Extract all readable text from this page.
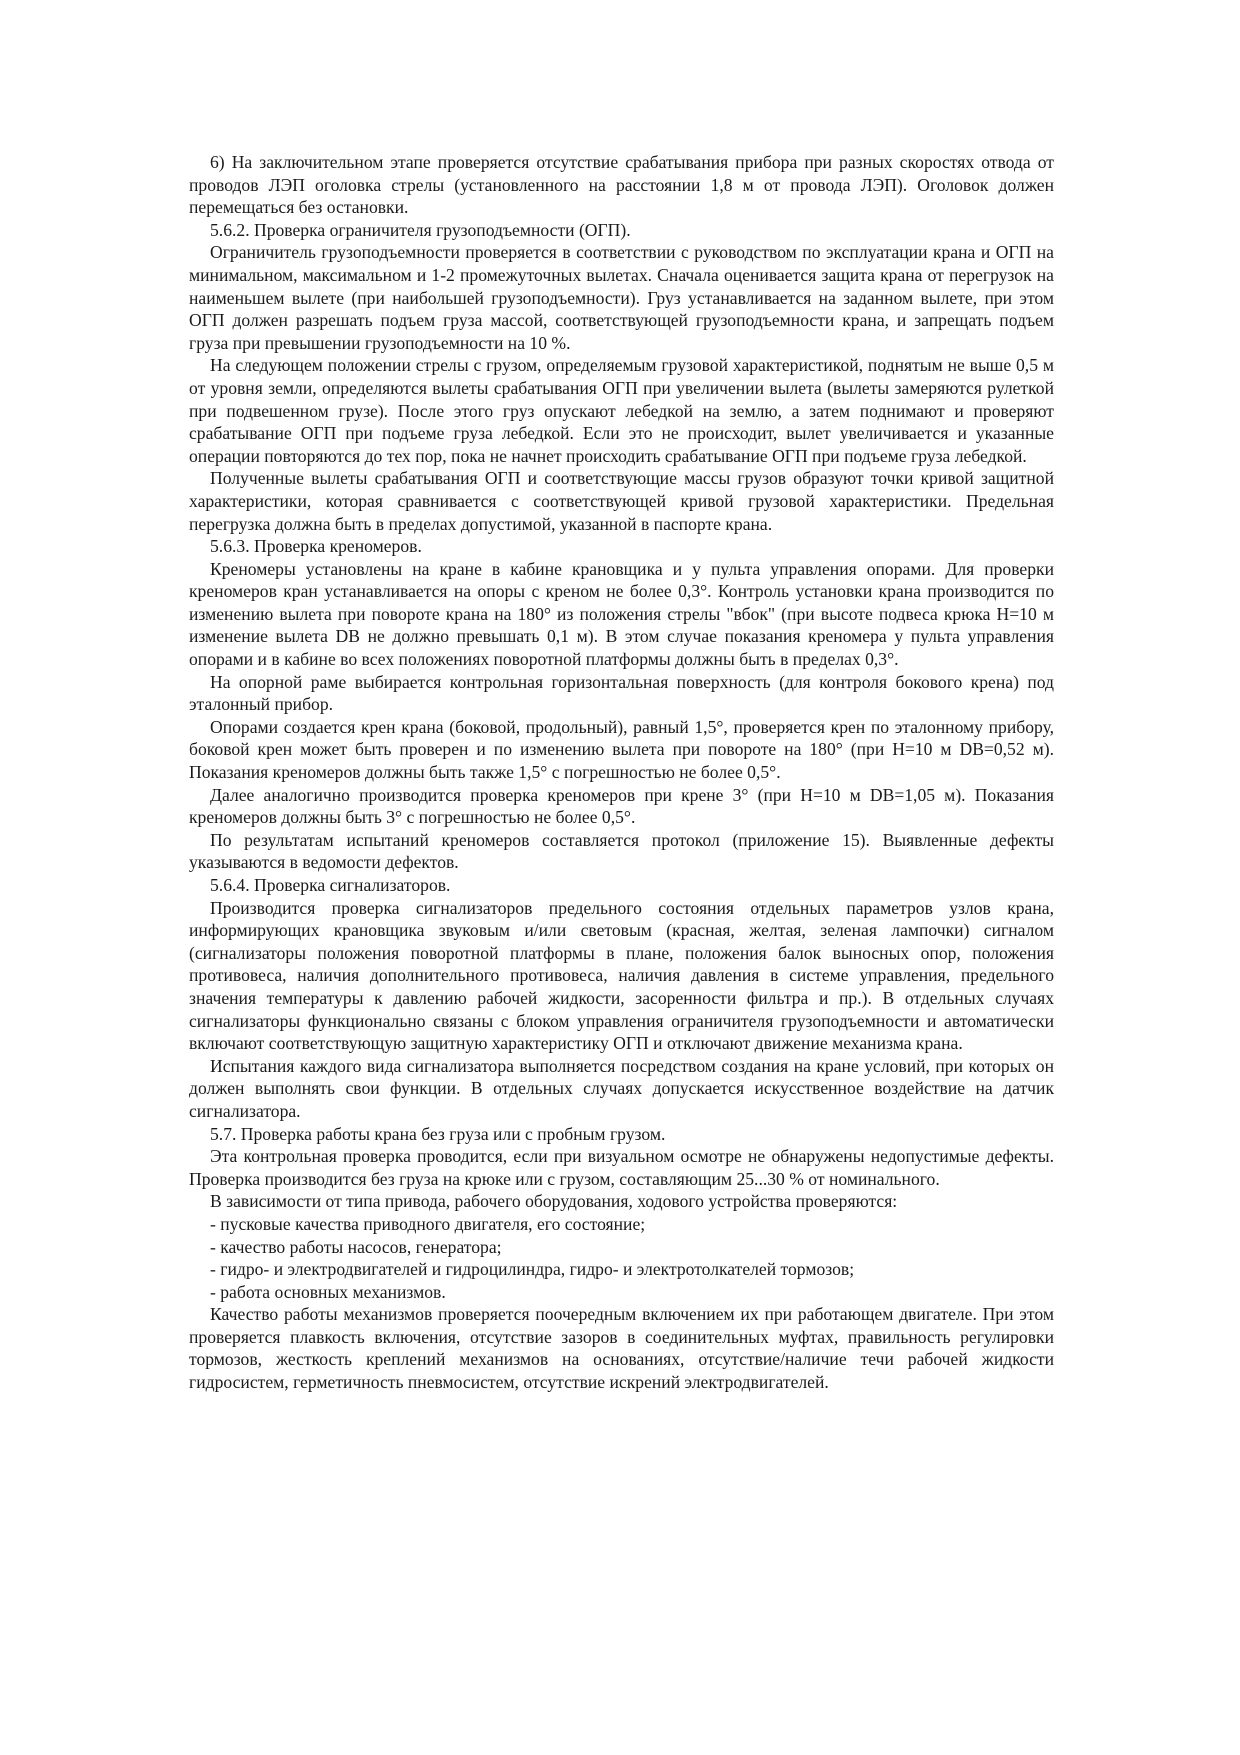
6) На заключительном этапе проверяется отсутствие срабатывания прибора при разных скоростях отвода от проводов ЛЭП оголовка стрелы (установленного на расстоянии 1,8 м от провода ЛЭП). Оголовок должен перемещаться без остановки.

5.6.2. Проверка ограничителя грузоподъемности (ОГП).

Ограничитель грузоподъемности проверяется в соответствии с руководством по эксплуатации крана и ОГП на минимальном, максимальном и 1-2 промежуточных вылетах. Сначала оценивается защита крана от перегрузок на наименьшем вылете (при наибольшей грузоподъемности). Груз устанавливается на заданном вылете, при этом ОГП должен разрешать подъем груза массой, соответствующей грузоподъемности крана, и запрещать подъем груза при превышении грузоподъемности на 10 %.

На следующем положении стрелы с грузом, определяемым грузовой характеристикой, поднятым не выше 0,5 м от уровня земли, определяются вылеты срабатывания ОГП при увеличении вылета (вылеты замеряются рулеткой при подвешенном грузе). После этого груз опускают лебедкой на землю, а затем поднимают и проверяют срабатывание ОГП при подъеме груза лебедкой. Если это не происходит, вылет увеличивается и указанные операции повторяются до тех пор, пока не начнет происходить срабатывание ОГП при подъеме груза лебедкой.

Полученные вылеты срабатывания ОГП и соответствующие массы грузов образуют точки кривой защитной характеристики, которая сравнивается с соответствующей кривой грузовой характеристики. Предельная перегрузка должна быть в пределах допустимой, указанной в паспорте крана.

5.6.3. Проверка креномеров.

Креномеры установлены на кране в кабине крановщика и у пульта управления опорами. Для проверки креномеров кран устанавливается на опоры с креном не более 0,3°. Контроль установки крана производится по изменению вылета при повороте крана на 180° из положения стрелы "вбок" (при высоте подвеса крюка Н=10 м изменение вылета DВ не должно превышать 0,1 м). В этом случае показания креномера у пульта управления опорами и в кабине во всех положениях поворотной платформы должны быть в пределах 0,3°.

На опорной раме выбирается контрольная горизонтальная поверхность (для контроля бокового крена) под эталонный прибор.

Опорами создается крен крана (боковой, продольный), равный 1,5°, проверяется крен по эталонному прибору, боковой крен может быть проверен и по изменению вылета при повороте на 180° (при Н=10 м DВ=0,52 м). Показания креномеров должны быть также 1,5° с погрешностью не более 0,5°.

Далее аналогично производится проверка креномеров при крене 3° (при Н=10 м DВ=1,05 м). Показания креномеров должны быть 3° с погрешностью не более 0,5°.

По результатам испытаний креномеров составляется протокол (приложение 15). Выявленные дефекты указываются в ведомости дефектов.

5.6.4. Проверка сигнализаторов.

Производится проверка сигнализаторов предельного состояния отдельных параметров узлов крана, информирующих крановщика звуковым и/или световым (красная, желтая, зеленая лампочки) сигналом (сигнализаторы положения поворотной платформы в плане, положения балок выносных опор, положения противовеса, наличия дополнительного противовеса, наличия давления в системе управления, предельного значения температуры к давлению рабочей жидкости, засоренности фильтра и пр.). В отдельных случаях сигнализаторы функционально связаны с блоком управления ограничителя грузоподъемности и автоматически включают соответствующую защитную характеристику ОГП и отключают движение механизма крана.

Испытания каждого вида сигнализатора выполняется посредством создания на кране условий, при которых он должен выполнять свои функции. В отдельных случаях допускается искусственное воздействие на датчик сигнализатора.

5.7. Проверка работы крана без груза или с пробным грузом.

Эта контрольная проверка проводится, если при визуальном осмотре не обнаружены недопустимые дефекты. Проверка производится без груза на крюке или с грузом, составляющим 25...30 % от номинального.

В зависимости от типа привода, рабочего оборудования, ходового устройства проверяются:

- пусковые качества приводного двигателя, его состояние;

- качество работы насосов, генератора;

- гидро- и электродвигателей и гидроцилиндра, гидро- и электротолкателей тормозов;

- работа основных механизмов.

Качество работы механизмов проверяется поочередным включением их при работающем двигателе. При этом проверяется плавкость включения, отсутствие зазоров в соединительных муфтах, правильность регулировки тормозов, жесткость креплений механизмов на основаниях, отсутствие/наличие течи рабочей жидкости гидросистем, герметичность пневмосистем, отсутствие искрений электродвигателей.
